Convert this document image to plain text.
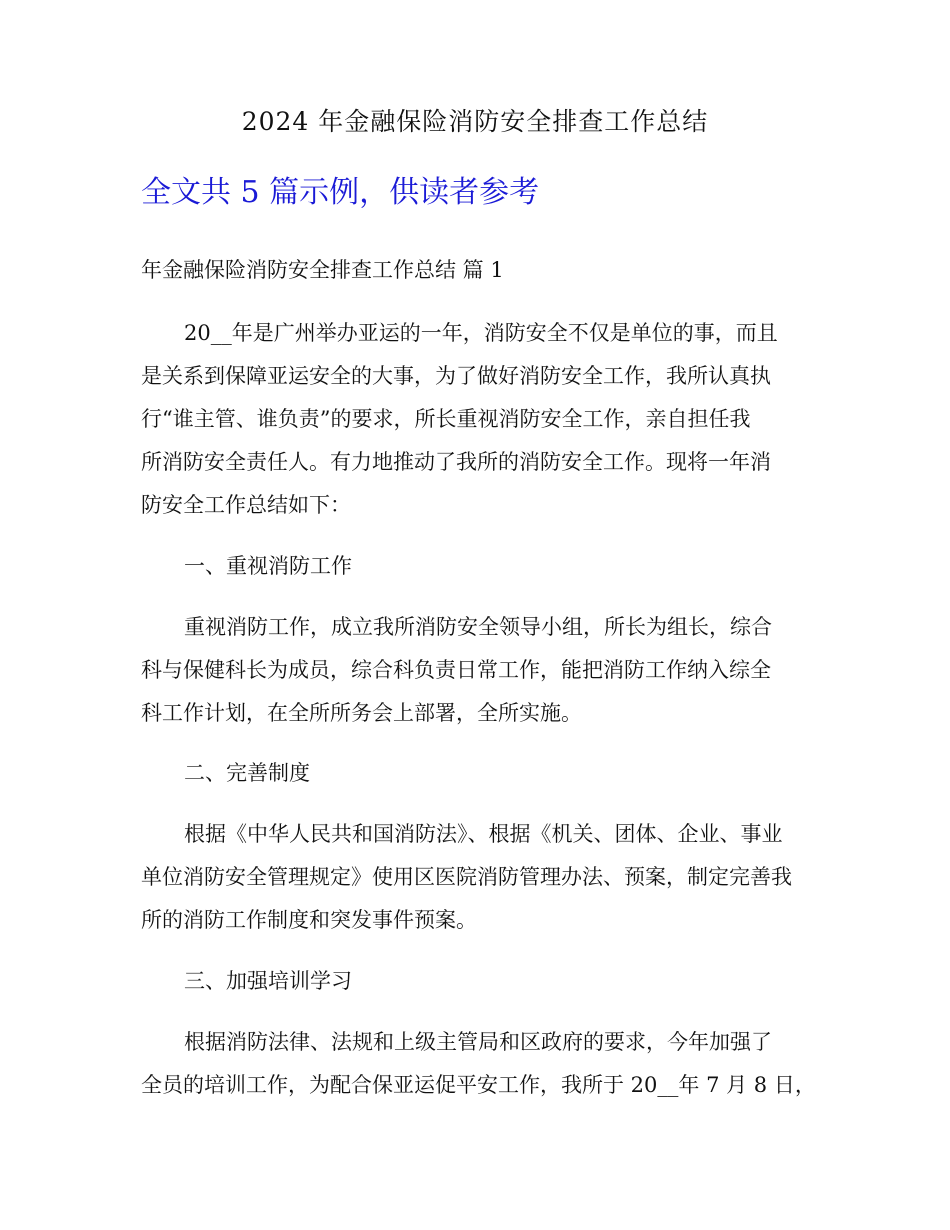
2024 年金融保险消防安全排查工作总结
全文共 5 篇示例，供读者参考
年金融保险消防安全排查工作总结 篇 1
20__年是广州举办亚运的一年，消防安全不仅是单位的事，而且
是关系到保障亚运安全的大事，为了做好消防安全工作，我所认真执
行“谁主管、谁负责”的要求，所长重视消防安全工作，亲自担任我
所消防安全责任人。有力地推动了我所的消防安全工作。现将一年消
防安全工作总结如下：
一、重视消防工作
重视消防工作，成立我所消防安全领导小组，所长为组长，综合
科与保健科长为成员，综合科负责日常工作，能把消防工作纳入综全
科工作计划，在全所所务会上部署，全所实施。
二、完善制度
根据《中华人民共和国消防法》、根据《机关、团体、企业、事业
单位消防安全管理规定》使用区医院消防管理办法、预案，制定完善我
所的消防工作制度和突发事件预案。
三、加强培训学习
根据消防法律、法规和上级主管局和区政府的要求，今年加强了
全员的培训工作，为配合保亚运促平安工作，我所于 20__年 7 月 8 日，
